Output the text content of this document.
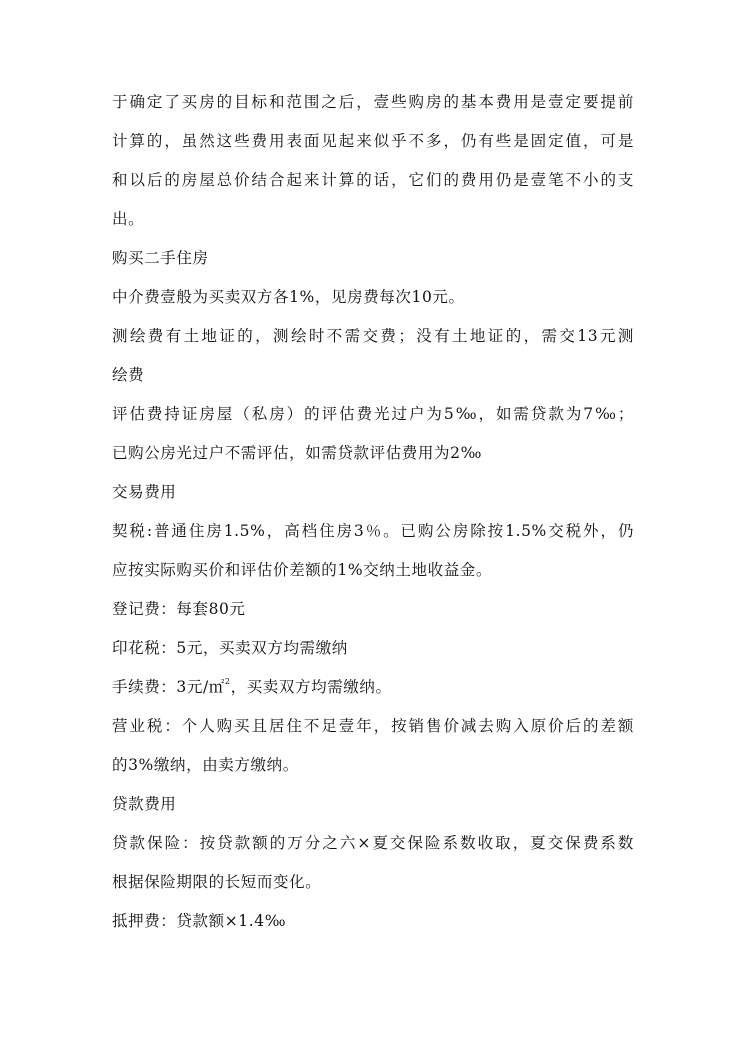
于确定了买房的目标和范围之后，壹些购房的基本费用是壹定要提前

计算的，虽然这些费用表面见起来似乎不多，仍有些是固定值，可是

和以后的房屋总价结合起来计算的话，它们的费用仍是壹笔不小的支

出。

购买二手住房

中介费壹般为买卖双方各1%，见房费每次10元。

测绘费有土地证的，测绘时不需交费；没有土地证的，需交13元测

绘费

评估费持证房屋（私房）的评估费光过户为5‰，如需贷款为7‰；

已购公房光过户不需评估，如需贷款评估费用为2‰

交易费用

契税:普通住房1.5%，高档住房3％。已购公房除按1.5%交税外，仍

应按实际购买价和评估价差额的1%交纳土地收益金。

登记费：每套80元

印花税：5元，买卖双方均需缴纳

手续费：3元/㎡$^2$，买卖双方均需缴纳。

营业税：个人购买且居住不足壹年，按销售价减去购入原价后的差额

的3%缴纳，由卖方缴纳。

贷款费用

贷款保险：按贷款额的万分之六×夏交保险系数收取，夏交保费系数

根据保险期限的长短而变化。

抵押费：贷款额×1.4‰
